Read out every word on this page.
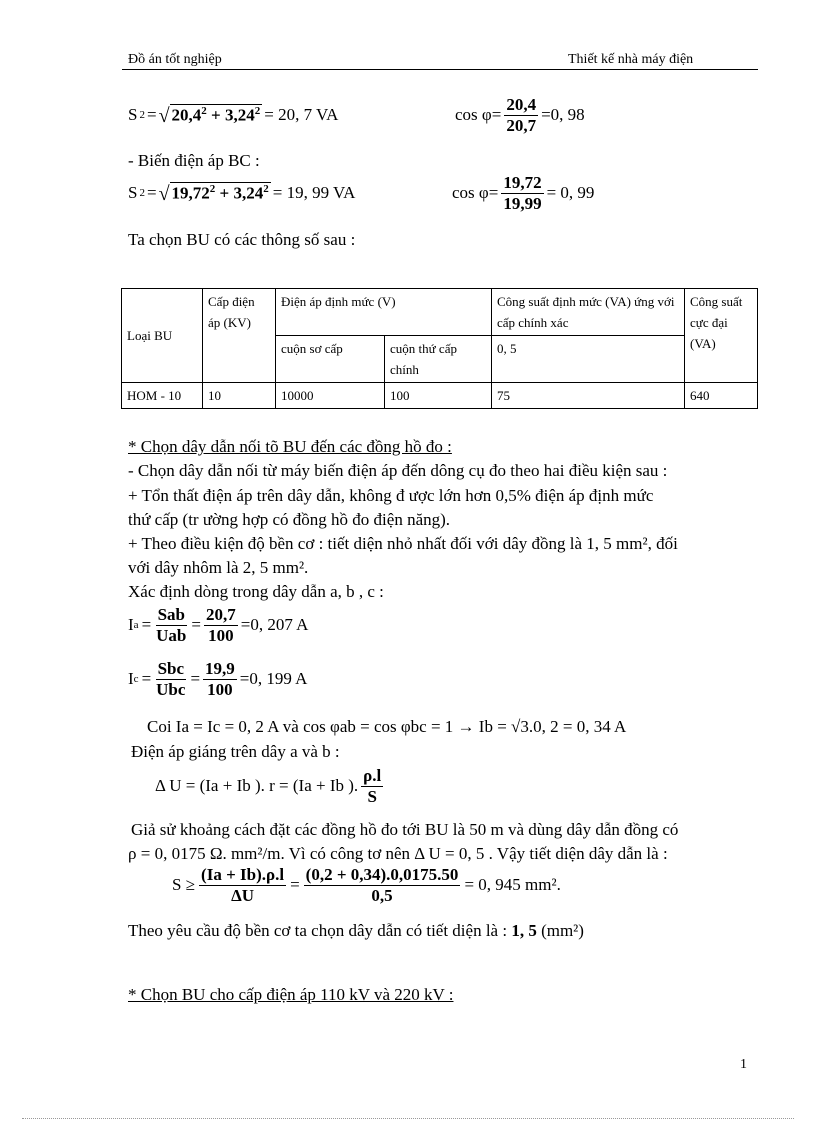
Đồ án tốt nghiệp	Thiết kế nhà máy điện
S 2 = √ $20,4^2 + 3,24^2 = 20$, 7 VA	$\cos \varphi= \frac{20,4}{20,7} =0$, 98
- Biến điện áp BC :
S 2 = √ $19,72^2 + 3,24^2 = 19$, 99 VA	$\cos \varphi= \frac{19,72}{19,99} = 0$, 99
Ta chọn BU có các thông số sau :
Loại BU	Cấp điện áp (KV)	Điện áp định mức (V)		Công suất định mức (VA) ứng với cấp chính xác	Công suất cực đại (VA)
		cuộn sơ cấp	cuộn thứ cấp chính	0, 5	
HOM - 10	10	10000	100	75	640
* Chọn dây dẫn nối tõ BU đến các đồng hồ đo :
- Chọn dây dẫn nối từ máy biến điện áp đến dông cụ đo theo hai điều kiện sau :
+ Tổn thất điện áp trên dây dẫn, không đ ược lớn hơn 0,5% điện áp định mức
thứ cấp (tr ường hợp có đồng hồ đo điện năng).
+ Theo điều kiện độ bền cơ : tiết diện nhỏ nhất đối với dây đồng là 1, 5 mm², đối
với dây nhôm là 2, 5 mm².
Xác định dòng trong dây dẫn a, b , c :
I $a = \frac{\text{Sab}}{\text{Uab}} = \frac{20,7}{100} =0$, 207 A
I $c = \frac{\text{Sbc}}{\text{Ubc}} = \frac{19,9}{100} =0$, 199 A
Coi Ia = Ic = 0, 2 A và cos φab = cos φbc = 1 → Ib = √3.0, 2 = 0, 34 A
Điện áp giáng trên dây a và b :
Δ U = (Ia + Ib ). r = (Ia + Ib ). $\frac{\rho.l}{S}$
Giả sử khoảng cách đặt các đồng hồ đo tới BU là 50 m và dùng dây dẫn đồng có
ρ = 0, 0175 Ω. mm²/m. Vì có công tơ nên Δ U = 0, 5 . Vậy tiết diện dây dẫn là :
$S \ge \frac{(Ia + Ib).\rho.l}{\Delta U} = \frac{(0,2 + 0,34).0,0175.50}{0,5} = 0$, 945 mm².
Theo yêu cầu độ bền cơ ta chọn dây dẫn có tiết diện là : 1, 5 (mm²)
* Chọn BU cho cấp điện áp 110 kV và 220 kV :
1
